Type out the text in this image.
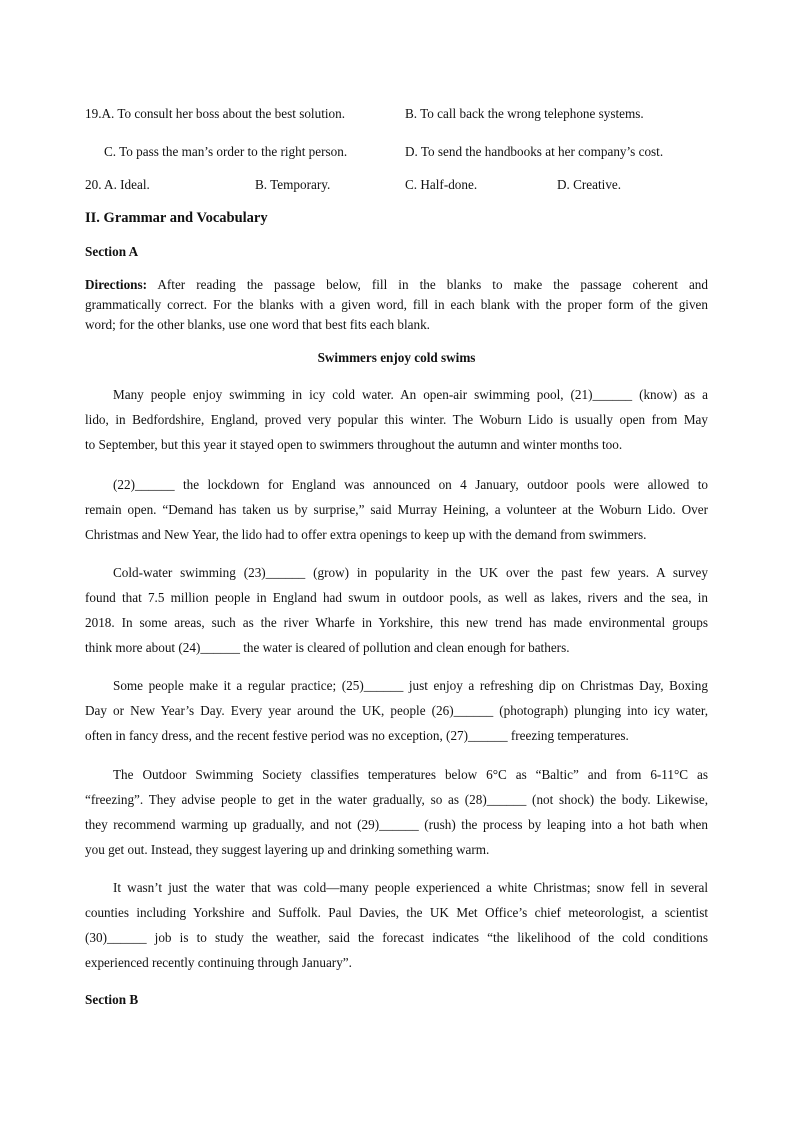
19.A. To consult her boss about the best solution.	B. To call back the wrong telephone systems.
C. To pass the man’s order to the right person.	D. To send the handbooks at her company’s cost.
20. A. Ideal.	B. Temporary.	C. Half-done.	D. Creative.
II. Grammar and Vocabulary
Section A
Directions: After reading the passage below, fill in the blanks to make the passage coherent and
grammatically correct. For the blanks with a given word, fill in each blank with the proper form of the given
word; for the other blanks, use one word that best fits each blank.
Swimmers enjoy cold swims
Many people enjoy swimming in icy cold water. An open-air swimming pool, (21)______ (know) as a
lido, in Bedfordshire, England, proved very popular this winter. The Woburn Lido is usually open from May
to September, but this year it stayed open to swimmers throughout the autumn and winter months too.
(22)______ the lockdown for England was announced on 4 January, outdoor pools were allowed to
remain open. “Demand has taken us by surprise,” said Murray Heining, a volunteer at the Woburn Lido. Over
Christmas and New Year, the lido had to offer extra openings to keep up with the demand from swimmers.
Cold-water swimming (23)______ (grow) in popularity in the UK over the past few years. A survey
found that 7.5 million people in England had swum in outdoor pools, as well as lakes, rivers and the sea, in
2018. In some areas, such as the river Wharfe in Yorkshire, this new trend has made environmental groups
think more about (24)______ the water is cleared of pollution and clean enough for bathers.
Some people make it a regular practice; (25)______ just enjoy a refreshing dip on Christmas Day, Boxing
Day or New Year’s Day. Every year around the UK, people (26)______ (photograph) plunging into icy water,
often in fancy dress, and the recent festive period was no exception, (27)______ freezing temperatures.
The Outdoor Swimming Society classifies temperatures below 6°C as “Baltic” and from 6-11°C as
“freezing”. They advise people to get in the water gradually, so as (28)______ (not shock) the body. Likewise,
they recommend warming up gradually, and not (29)______ (rush) the process by leaping into a hot bath when
you get out. Instead, they suggest layering up and drinking something warm.
It wasn’t just the water that was cold—many people experienced a white Christmas; snow fell in several
counties including Yorkshire and Suffolk. Paul Davies, the UK Met Office’s chief meteorologist, a scientist
(30)______ job is to study the weather, said the forecast indicates “the likelihood of the cold conditions
experienced recently continuing through January”.
Section B
